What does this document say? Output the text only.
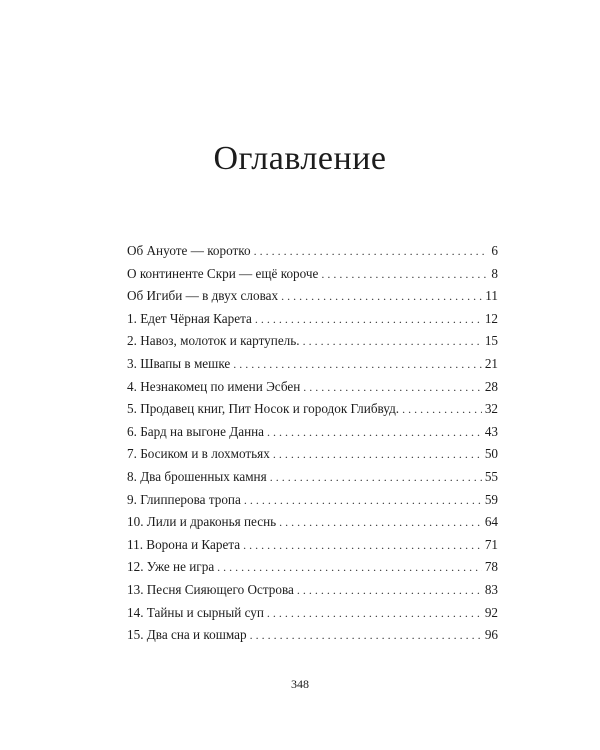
Оглавление
Об Ануоте — коротко . . .	6
О континенте Скри — ещё короче . . .	8
Об Игиби — в двух словах . . .	11
1. Едет Чёрная Карета . . .	12
2. Навоз, молоток и картупель. . . .	15
3. Швапы в мешке . . .	21
4. Незнакомец по имени Эсбен . . .	28
5. Продавец книг, Пит Носок и городок Глибвуд. . . .	32
6. Бард на выгоне Данна . . .	43
7. Босиком и в лохмотьях . . .	50
8. Два брошенных камня . . .	55
9. Глипперова тропа . . .	59
10. Лили и драконья песнь . . .	64
11. Ворона и Карета . . .	71
12. Уже не игра . . .	78
13. Песня Сияющего Острова . . .	83
14. Тайны и сырный суп . . .	92
15. Два сна и кошмар . . .	96
348
